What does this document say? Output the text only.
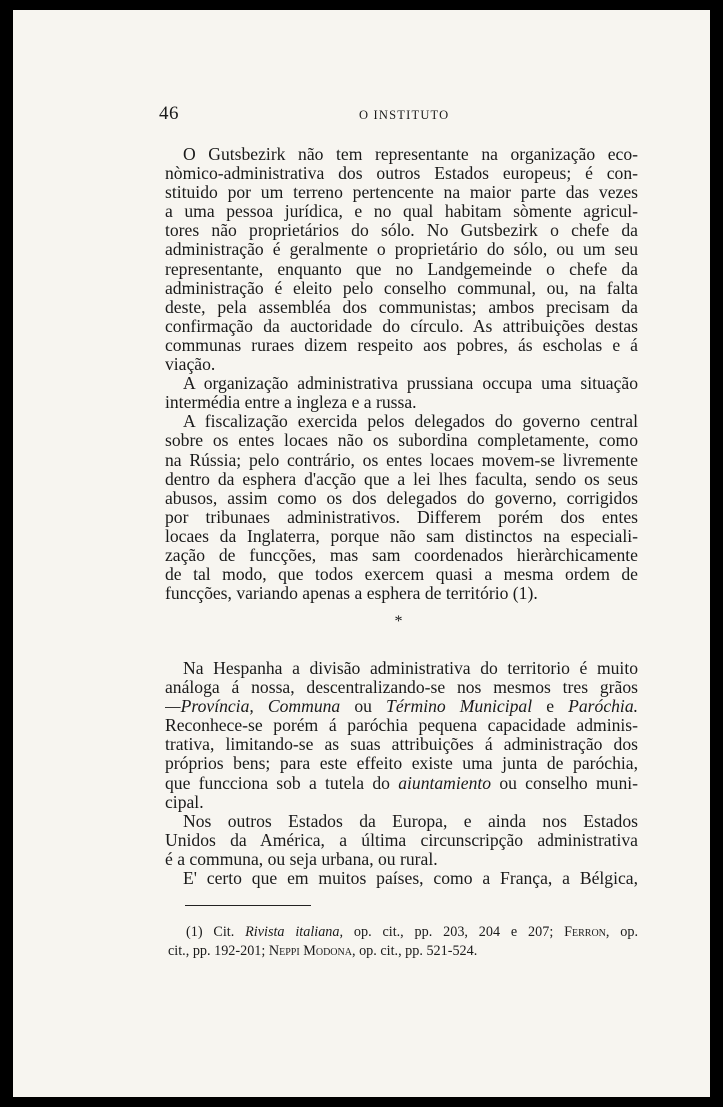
46	O INSTITUTO
O Gutsbezirk não tem representante na organização eco-
nòmico-administrativa dos outros Estados europeus; é con-
stituido por um terreno pertencente na maior parte das vezes
a uma pessoa jurídica, e no qual habitam sòmente agricul-
tores não proprietários do sólo. No Gutsbezirk o chefe da
administração é geralmente o proprietário do sólo, ou um seu
representante, enquanto que no Landgemeinde o chefe da
administração é eleito pelo conselho communal, ou, na falta
deste, pela assembléa dos communistas; ambos precisam da
confirmação da auctoridade do círculo. As attribuições destas
communas ruraes dizem respeito aos pobres, ás escholas e á
viação.
A organização administrativa prussiana occupa uma situação
intermédia entre a ingleza e a russa.
A fiscalização exercida pelos delegados do governo central
sobre os entes locaes não os subordina completamente, como
na Rússia; pelo contrário, os entes locaes movem-se livremente
dentro da esphera d'acção que a lei lhes faculta, sendo os seus
abusos, assim como os dos delegados do governo, corrigidos
por tribunaes administrativos. Differem porém dos entes
locaes da Inglaterra, porque não sam distinctos na especiali-
zação de funcções, mas sam coordenados hieràrchicamente
de tal modo, que todos exercem quasi a mesma ordem de
funcções, variando apenas a esphera de território (1).
*
Na Hespanha a divisão administrativa do territorio é muito
análoga á nossa, descentralizando-se nos mesmos tres grãos
—Província, Communa ou Término Municipal e Paróchia.
Reconhece-se porém á paróchia pequena capacidade adminis-
trativa, limitando-se as suas attribuições á administração dos
próprios bens; para este effeito existe uma junta de paróchia,
que funcciona sob a tutela do aiuntamiento ou conselho muni-
cipal.
Nos outros Estados da Europa, e ainda nos Estados
Unidos da América, a última circunscripção administrativa
é a communa, ou seja urbana, ou rural.
E' certo que em muitos países, como a França, a Bélgica,
(1) Cit. Rivista italiana, op. cit., pp. 203, 204 e 207; Ferron, op.
cit., pp. 192-201; Neppi Modona, op. cit., pp. 521-524.
